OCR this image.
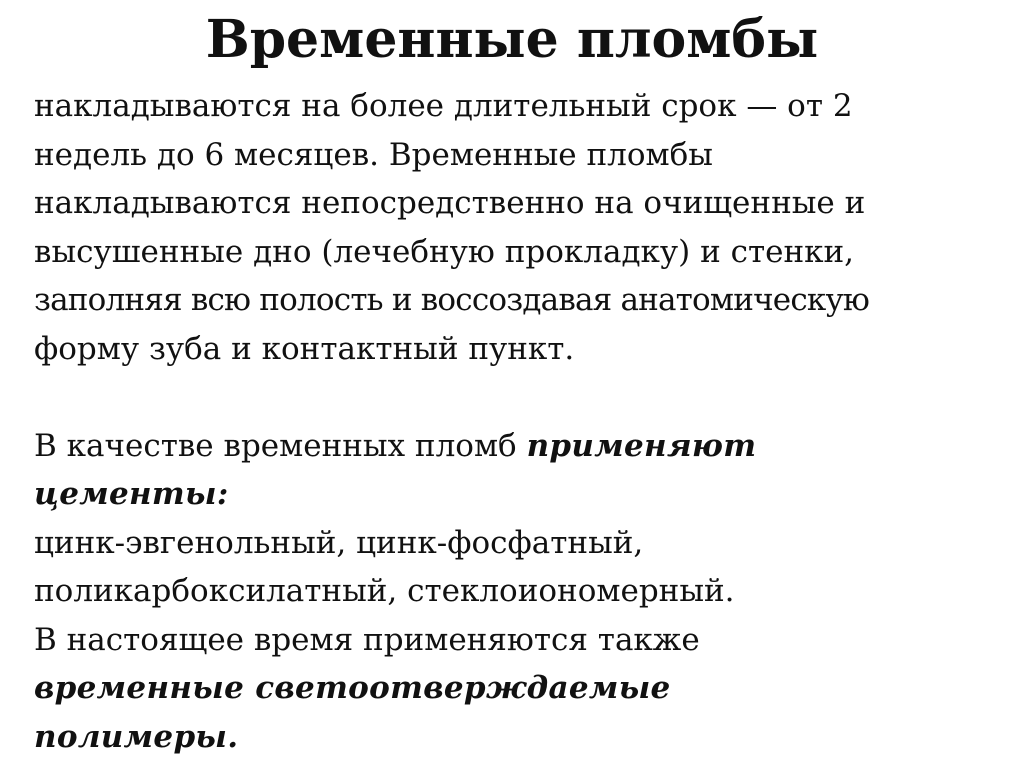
Временные пломбы
накладываются на более длительный срок — от 2
недель до 6 месяцев. Временные пломбы
накладываются непосредственно на очищенные и
высушенные дно (лечебную прокладку) и стенки,
заполняя всю полость и воссоздавая анатомическую
форму зуба и контактный пункт.
В качестве временных пломб применяют
цементы:
цинк-эвгенольный, цинк-фосфатный,
поликарбоксилатный, стеклоиономерный.
В настоящее время применяются также
временные светоотверждаемые
полимеры.
